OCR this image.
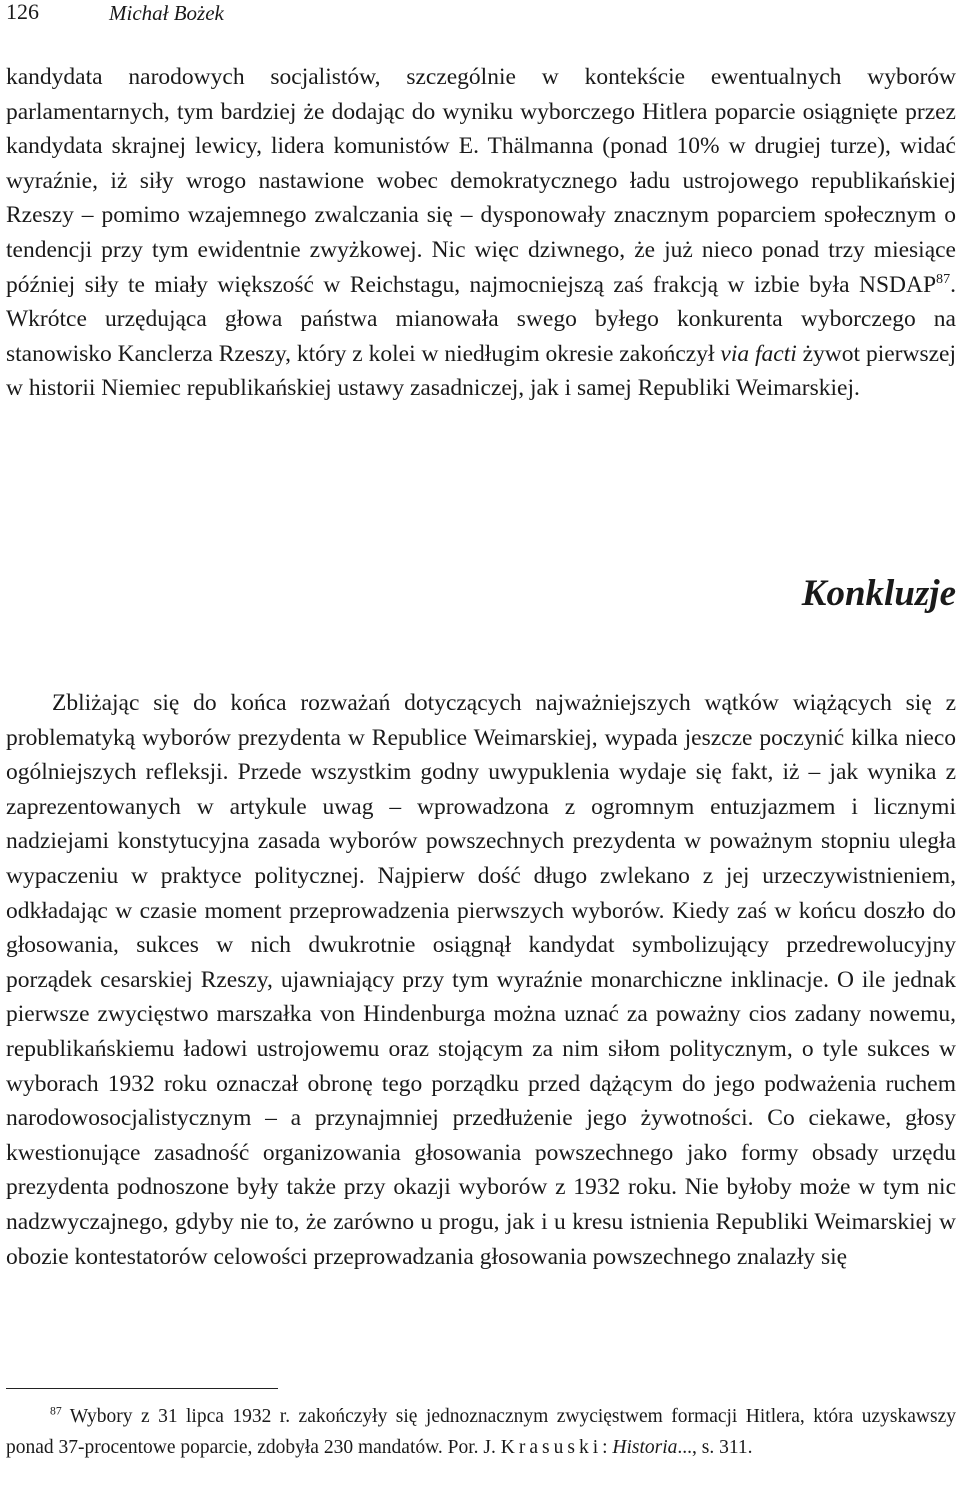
126	Michał Bożek

kandydata narodowych socjalistów, szczególnie w kontekście ewentualnych wyborów parlamentarnych, tym bardziej że dodając do wyniku wyborczego Hitlera poparcie osiągnięte przez kandydata skrajnej lewicy, lidera komunistów E. Thälmanna (ponad 10% w drugiej turze), widać wyraźnie, iż siły wrogo nastawione wobec demokratycznego ładu ustrojowego republikańskiej Rzeszy – pomimo wzajemnego zwalczania się – dysponowały znacznym poparciem społecznym o tendencji przy tym ewidentnie zwyżkowej. Nic więc dziwnego, że już nieco ponad trzy miesiące później siły te miały większość w Reichstagu, najmocniejszą zaś frakcją w izbie była NSDAP$^{87}$. Wkrótce urzędująca głowa państwa mianowała swego byłego konkurenta wyborczego na stanowisko Kanclerza Rzeszy, który z kolei w niedługim okresie zakończył via facti żywot pierwszej w historii Niemiec republikańskiej ustawy zasadniczej, jak i samej Republiki Weimarskiej.

Konkluzje

Zbliżając się do końca rozważań dotyczących najważniejszych wątków wiążących się z problematyką wyborów prezydenta w Republice Weimarskiej, wypada jeszcze poczynić kilka nieco ogólniejszych refleksji. Przede wszystkim godny uwypuklenia wydaje się fakt, iż – jak wynika z zaprezentowanych w artykule uwag – wprowadzona z ogromnym entuzjazmem i licznymi nadziejami konstytucyjna zasada wyborów powszechnych prezydenta w poważnym stopniu uległa wypaczeniu w praktyce politycznej. Najpierw dość długo zwlekano z jej urzeczywistnieniem, odkładając w czasie moment przeprowadzenia pierwszych wyborów. Kiedy zaś w końcu doszło do głosowania, sukces w nich dwukrotnie osiągnął kandydat symbolizujący przedrewolucyjny porządek cesarskiej Rzeszy, ujawniający przy tym wyraźnie monarchiczne inklinacje. O ile jednak pierwsze zwycięstwo marszałka von Hindenburga można uznać za poważny cios zadany nowemu, republikańskiemu ładowi ustrojowemu oraz stojącym za nim siłom politycznym, o tyle sukces w wyborach 1932 roku oznaczał obronę tego porządku przed dążącym do jego podważenia ruchem narodowosocjalistycznym – a przynajmniej przedłużenie jego żywotności. Co ciekawe, głosy kwestionujące zasadność organizowania głosowania powszechnego jako formy obsady urzędu prezydenta podnoszone były także przy okazji wyborów z 1932 roku. Nie byłoby może w tym nic nadzwyczajnego, gdyby nie to, że zarówno u progu, jak i u kresu istnienia Republiki Weimarskiej w obozie kontestatorów celowości przeprowadzania głosowania powszechnego znalazły się

$^{87}$ Wybory z 31 lipca 1932 r. zakończyły się jednoznacznym zwycięstwem formacji Hitlera, która uzyskawszy ponad 37-procentowe poparcie, zdobyła 230 mandatów. Por. J. Krasuski: Historia..., s. 311.
